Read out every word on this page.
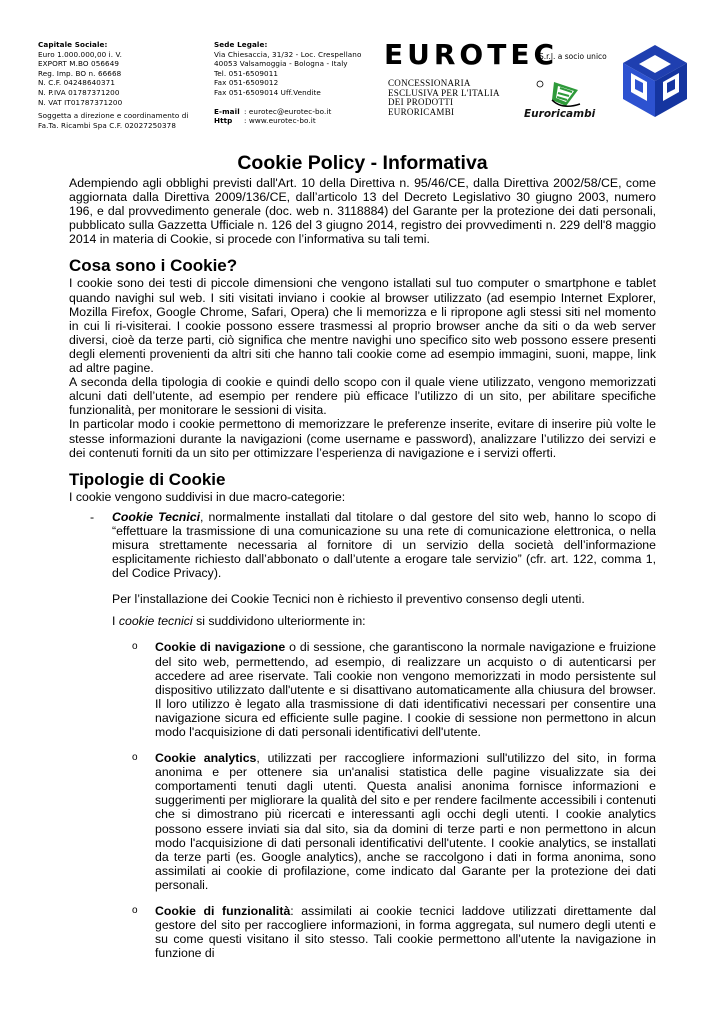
Capitale Sociale:
Euro 1.000.000,00 i. V.
EXPORT M.BO 056649
Reg. Imp. BO n. 66668
N. C.F. 04248640371
N. P.IVA 01787371200
N. VAT IT01787371200
Soggetta a direzione e coordinamento di
Fa.Ta. Ricambi Spa C.F. 02027250378
Sede Legale:
Via Chiesaccia, 31/32 - Loc. Crespellano
40053 Valsamoggia - Bologna - Italy
Tel. 051-6509011
Fax 051-6509012
Fax 051-6509014 Uff.Vendite
E-mail : eurotec@eurotec-bo.it
Http : www.eurotec-bo.it
EUROTEC
S.r.l. a socio unico
CONCESSIONARIA
ESCLUSIVA PER L'ITALIA
DEI PRODOTTI
EURORICAMBI	Euroricambi
Cookie Policy - Informativa

Adempiendo agli obblighi previsti dall'Art. 10 della Direttiva n. 95/46/CE, dalla Direttiva 2002/58/CE, come aggiornata dalla Direttiva 2009/136/CE, dall’articolo 13 del Decreto Legislativo 30 giugno 2003, numero 196, e dal provvedimento generale (doc. web n. 3118884) del Garante per la protezione dei dati personali, pubblicato sulla Gazzetta Ufficiale n. 126 del 3 giugno 2014, registro dei provvedimenti n. 229 dell'8 maggio 2014 in materia di Cookie, si procede con l’informativa su tali temi.

Cosa sono i Cookie?

I cookie sono dei testi di piccole dimensioni che vengono istallati sul tuo computer o smartphone e tablet quando navighi sul web. I siti visitati inviano i cookie al browser utilizzato (ad esempio Internet Explorer, Mozilla Firefox, Google Chrome, Safari, Opera) che li memorizza e li ripropone agli stessi siti nel momento in cui li ri-visiterai. I cookie possono essere trasmessi al proprio browser anche da siti o da web server diversi, cioè da terze parti, ciò significa che mentre navighi uno specifico sito web possono essere presenti degli elementi provenienti da altri siti che hanno tali cookie come ad esempio immagini, suoni, mappe, link ad altre pagine.

A seconda della tipologia di cookie e quindi dello scopo con il quale viene utilizzato, vengono memorizzati alcuni dati dell’utente, ad esempio per rendere più efficace l’utilizzo di un sito, per abilitare specifiche funzionalità, per monitorare le sessioni di visita.

In particolar modo i cookie permettono di memorizzare le preferenze inserite, evitare di inserire più volte le stesse informazioni durante la navigazioni (come username e password), analizzare l’utilizzo dei servizi e dei contenuti forniti da un sito per ottimizzare l’esperienza di navigazione e i servizi offerti.

Tipologie di Cookie

I cookie vengono suddivisi in due macro-categorie:

- Cookie Tecnici, normalmente installati dal titolare o dal gestore del sito web, hanno lo scopo di “effettuare la trasmissione di una comunicazione su una rete di comunicazione elettronica, o nella misura strettamente necessaria al fornitore di un servizio della società dell’informazione esplicitamente richiesto dall’abbonato o dall’utente a erogare tale servizio” (cfr. art. 122, comma 1, del Codice Privacy).

Per l’installazione dei Cookie Tecnici non è richiesto il preventivo consenso degli utenti.
I cookie tecnici si suddividono ulteriormente in:
o Cookie di navigazione o di sessione, che garantiscono la normale navigazione e fruizione del sito web, permettendo, ad esempio, di realizzare un acquisto o di autenticarsi per accedere ad aree riservate. Tali cookie non vengono memorizzati in modo persistente sul dispositivo utilizzato dall'utente e si disattivano automaticamente alla chiusura del browser. Il loro utilizzo è legato alla trasmissione di dati identificativi necessari per consentire una navigazione sicura ed efficiente sulle pagine. I cookie di sessione non permettono in alcun modo l'acquisizione di dati personali identificativi dell'utente.

o Cookie analytics, utilizzati per raccogliere informazioni sull'utilizzo del sito, in forma anonima e per ottenere sia un'analisi statistica delle pagine visualizzate sia dei comportamenti tenuti dagli utenti. Questa analisi anonima fornisce informazioni e suggerimenti per migliorare la qualità del sito e per rendere facilmente accessibili i contenuti che si dimostrano più ricercati e interessanti agli occhi degli utenti. I cookie analytics possono essere inviati sia dal sito, sia da domini di terze parti e non permettono in alcun modo l'acquisizione di dati personali identificativi dell'utente. I cookie analytics, se installati da terze parti (es. Google analytics), anche se raccolgono i dati in forma anonima, sono assimilati ai cookie di profilazione, come indicato dal Garante per la protezione dei dati personali.

o Cookie di funzionalità: assimilati ai cookie tecnici laddove utilizzati direttamente dal gestore del sito per raccogliere informazioni, in forma aggregata, sul numero degli utenti e su come questi visitano il sito stesso. Tali cookie permettono all’utente la navigazione in funzione di
